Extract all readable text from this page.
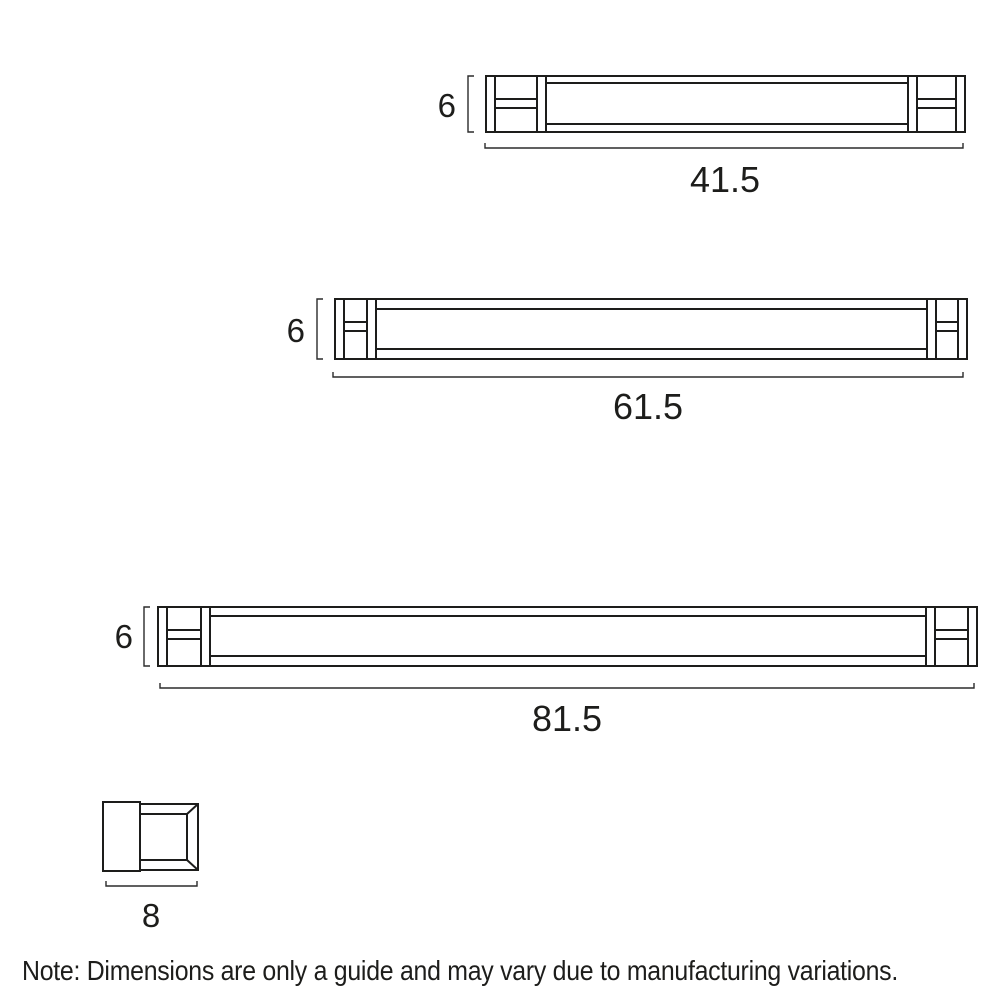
6
41.5
6
61.5
6
81.5
8
Note: Dimensions are only a guide and may vary due to manufacturing variations.
